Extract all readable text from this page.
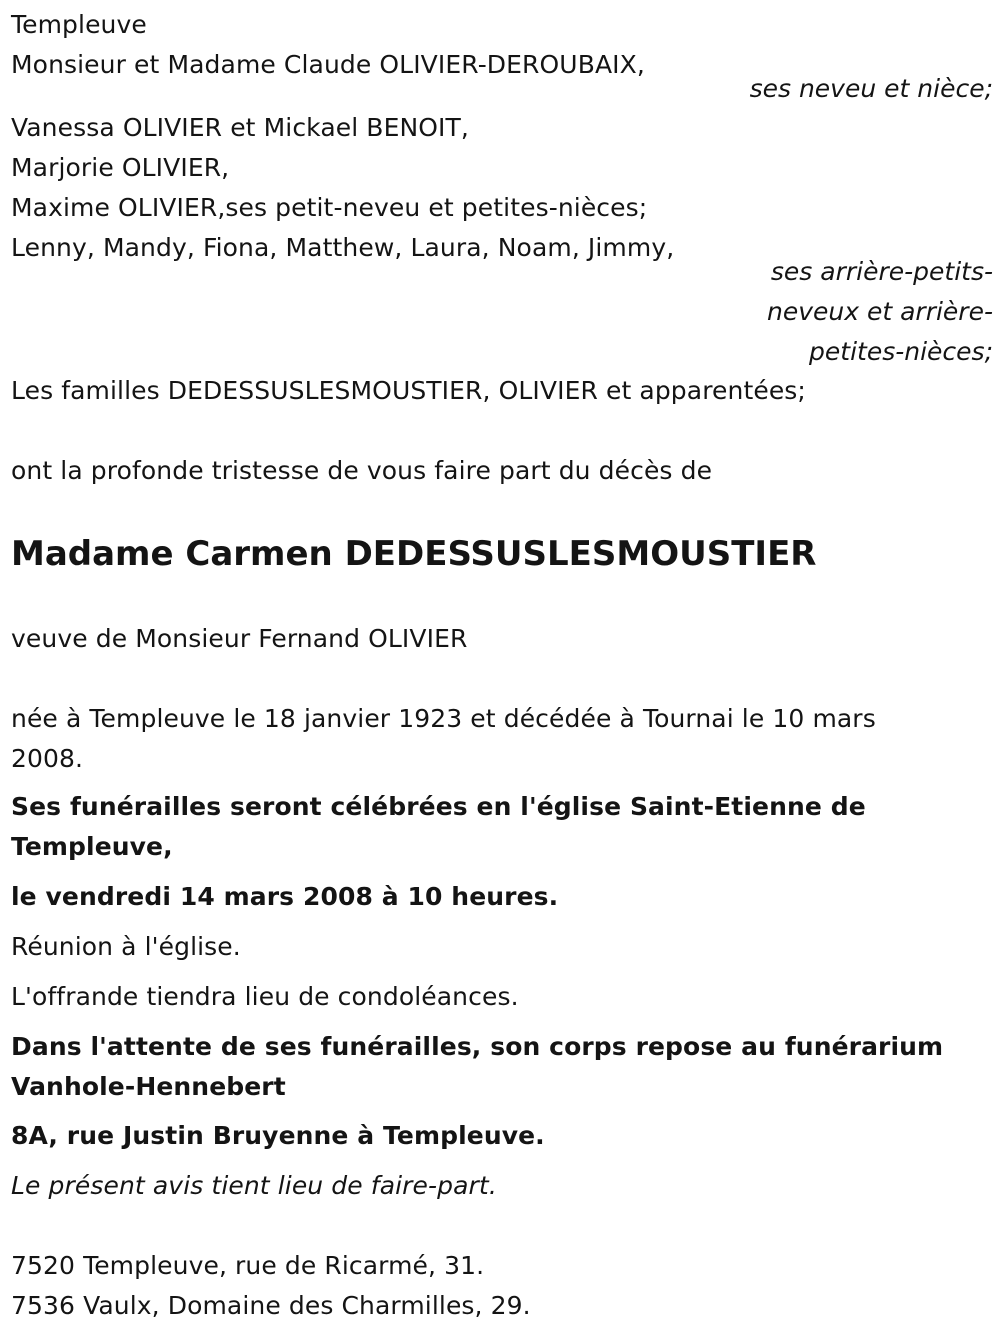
Templeuve
Monsieur et Madame Claude OLIVIER-DEROUBAIX,
ses neveu et nièce;
Vanessa OLIVIER et Mickael BENOIT,
Marjorie OLIVIER,
Maxime OLIVIER,ses petit-neveu et petites-nièces;
Lenny, Mandy, Fiona, Matthew, Laura, Noam, Jimmy,
ses arrière-petits-
neveux et arrière-
petites-nièces;
Les familles DEDESSUSLESMOUSTIER, OLIVIER et apparentées;
ont la profonde tristesse de vous faire part du décès de
Madame Carmen DEDESSUSLESMOUSTIER
veuve de Monsieur Fernand OLIVIER
née à Templeuve le 18 janvier 1923 et décédée à Tournai le 10 mars
2008.
Ses funérailles seront célébrées en l'église Saint-Etienne de
Templeuve,
le vendredi 14 mars 2008 à 10 heures.
Réunion à l'église.
L'offrande tiendra lieu de condoléances.
Dans l'attente de ses funérailles, son corps repose au funérarium
Vanhole-Hennebert
8A, rue Justin Bruyenne à Templeuve.
Le présent avis tient lieu de faire-part.
7520 Templeuve, rue de Ricarmé, 31.
7536 Vaulx, Domaine des Charmilles, 29.
